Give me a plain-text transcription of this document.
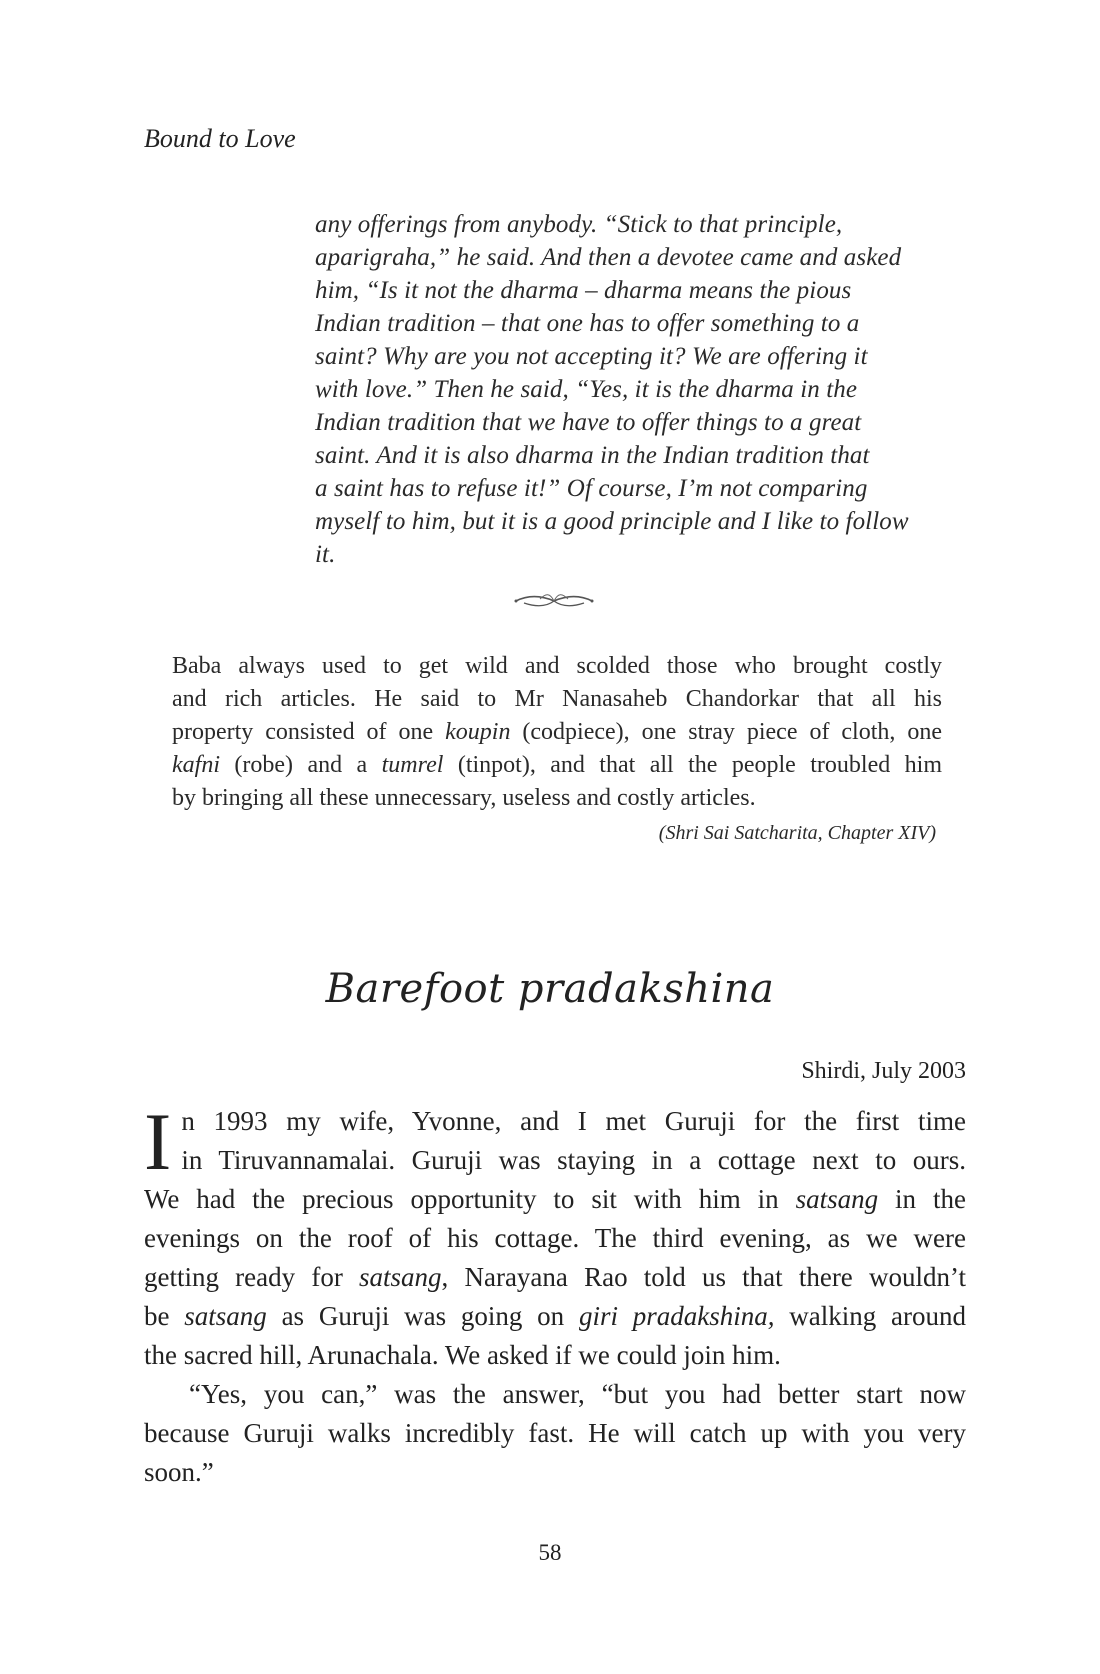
Bound to Love
any offerings from anybody. “Stick to that principle,
aparigraha,” he said. And then a devotee came and asked
him, “Is it not the dharma – dharma means the pious
Indian tradition – that one has to offer something to a
saint? Why are you not accepting it? We are offering it
with love.” Then he said, “Yes, it is the dharma in the
Indian tradition that we have to offer things to a great
saint. And it is also dharma in the Indian tradition that
a saint has to refuse it!” Of course, I’m not comparing
myself to him, but it is a good principle and I like to follow
it.
Baba always used to get wild and scolded those who brought costly
and rich articles. He said to Mr Nanasaheb Chandorkar that all his
property consisted of one koupin (codpiece), one stray piece of cloth, one
kafni (robe) and a tumrel (tinpot), and that all the people troubled him
by bringing all these unnecessary, useless and costly articles.
(Shri Sai Satcharita, Chapter XIV)
Barefoot pradakshina
Shirdi, July 2003
I n 1993 my wife, Yvonne, and I met Guruji for the first time
in Tiruvannamalai. Guruji was staying in a cottage next to ours.
We had the precious opportunity to sit with him in satsang in the
evenings on the roof of his cottage. The third evening, as we were
getting ready for satsang, Narayana Rao told us that there wouldn’t
be satsang as Guruji was going on giri pradakshina, walking around
the sacred hill, Arunachala. We asked if we could join him.
“Yes, you can,” was the answer, “but you had better start now
because Guruji walks incredibly fast. He will catch up with you very
soon.”
58
